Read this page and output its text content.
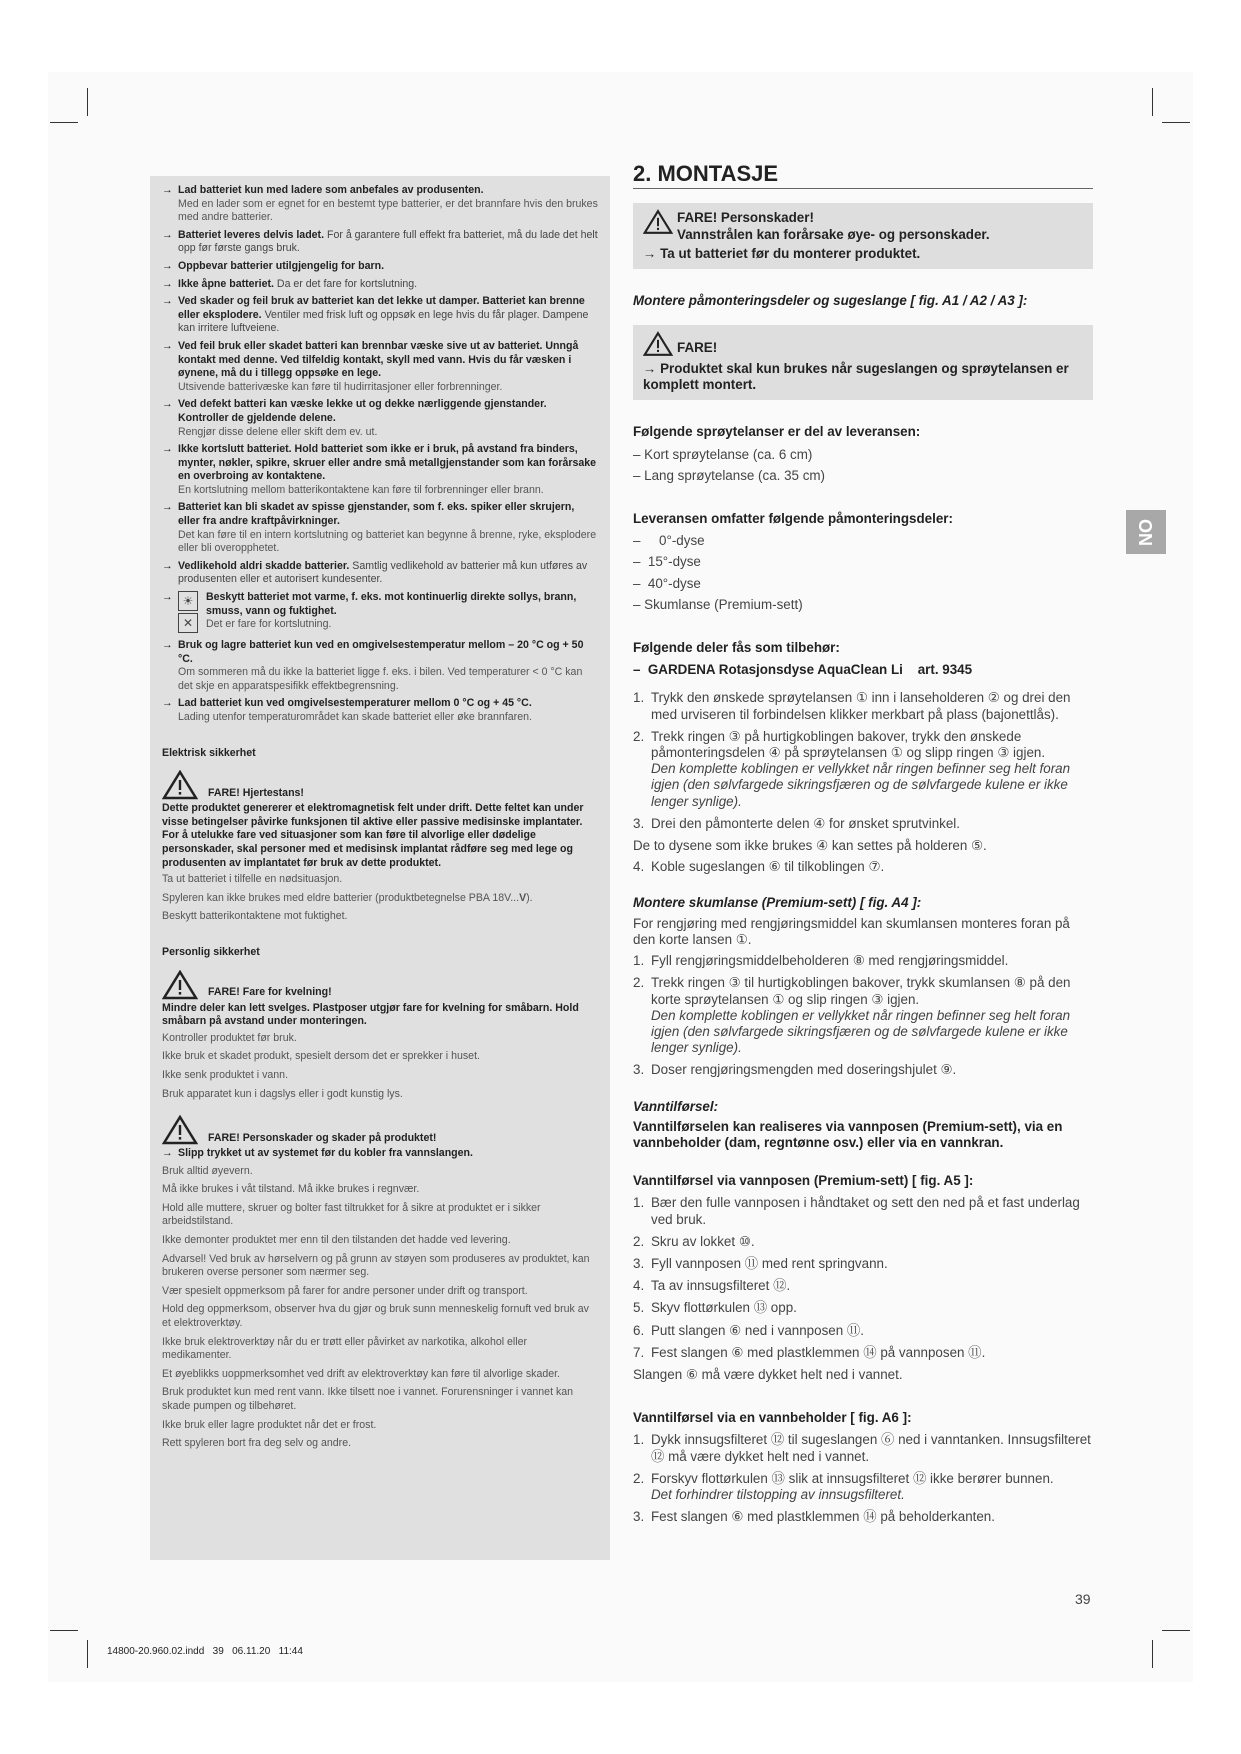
→ Lad batteriet kun med ladere som anbefales av produsenten.
Med en lader som er egnet for en bestemt type batterier, er det brannfare hvis den brukes med andre batterier.
→ Batteriet leveres delvis ladet. For å garantere full effekt fra batteriet, må du lade det helt opp før første gangs bruk.
→ Oppbevar batterier utilgjengelig for barn.
→ Ikke åpne batteriet. Da er det fare for kortslutning.
→ Ved skader og feil bruk av batteriet kan det lekke ut damper. Batteriet kan brenne eller eksplodere. Ventiler med frisk luft og oppsøk en lege hvis du får plager. Dampene kan irritere luftveiene.
→ Ved feil bruk eller skadet batteri kan brennbar væske sive ut av batteriet. Unngå kontakt med denne. Ved tilfeldig kontakt, skyll med vann. Hvis du får væsken i øynene, må du i tillegg oppsøke en lege.
Utsivende batterivæske kan føre til hudirritasjoner eller forbrenninger.
→ Ved defekt batteri kan væske lekke ut og dekke nærliggende gjenstander. Kontroller de gjeldende delene.
Rengjør disse delene eller skift dem ev. ut.
→ Ikke kortslutt batteriet. Hold batteriet som ikke er i bruk, på avstand fra binders, mynter, nøkler, spikre, skruer eller andre små metallgjenstander som kan forårsake en overbroing av kontaktene.
En kortslutning mellom batterikontaktene kan føre til forbrenninger eller brann.
→ Batteriet kan bli skadet av spisse gjenstander, som f. eks. spiker eller skrujern, eller fra andre kraftpåvirkninger.
Det kan føre til en intern kortslutning og batteriet kan begynne å brenne, ryke, eksplodere eller bli overopphetet.
→ Vedlikehold aldri skadde batterier. Samtlig vedlikehold av batterier må kun utføres av produsenten eller et autorisert kundesenter.
→ ☀ ✕
Beskytt batteriet mot varme, f. eks. mot kontinuerlig direkte sollys, brann, smuss, vann og fuktighet.
Det er fare for kortslutning.
→ Bruk og lagre batteriet kun ved en omgivelsestemperatur mellom – 20 °C og + 50 °C.
Om sommeren må du ikke la batteriet ligge f. eks. i bilen. Ved temperaturer < 0 °C kan det skje en apparatspesifikk effektbegrensning.
→ Lad batteriet kun ved omgivelsestemperaturer mellom 0 °C og + 45 °C.
Lading utenfor temperaturområdet kan skade batteriet eller øke brannfaren.
Elektrisk sikkerhet
FARE! Hjertestans!
Dette produktet genererer et elektromagnetisk felt under drift. Dette feltet kan under visse betingelser påvirke funksjonen til aktive eller passive medisinske implantater. For å utelukke fare ved situasjoner som kan føre til alvorlige eller dødelige personskader, skal personer med et medisinsk implantat rådføre seg med lege og produsenten av implantatet før bruk av dette produktet.
Ta ut batteriet i tilfelle en nødsituasjon.
Spyleren kan ikke brukes med eldre batterier (produktbetegnelse PBA 18V...V).
Beskytt batterikontaktene mot fuktighet.
Personlig sikkerhet
FARE! Fare for kvelning!
Mindre deler kan lett svelges. Plastposer utgjør fare for kvelning for småbarn. Hold småbarn på avstand under monteringen.
Kontroller produktet før bruk.
Ikke bruk et skadet produkt, spesielt dersom det er sprekker i huset.
Ikke senk produktet i vann.
Bruk apparatet kun i dagslys eller i godt kunstig lys.
FARE! Personskader og skader på produktet!
→ Slipp trykket ut av systemet før du kobler fra vannslangen.
Bruk alltid øyevern.
Må ikke brukes i våt tilstand. Må ikke brukes i regnvær.
Hold alle muttere, skruer og bolter fast tiltrukket for å sikre at produktet er i sikker arbeidstilstand.
Ikke demonter produktet mer enn til den tilstanden det hadde ved levering.
Advarsel! Ved bruk av hørselvern og på grunn av støyen som produseres av produktet, kan brukeren overse personer som nærmer seg.
Vær spesielt oppmerksom på farer for andre personer under drift og transport.
Hold deg oppmerksom, observer hva du gjør og bruk sunn menneskelig fornuft ved bruk av et elektroverktøy.
Ikke bruk elektroverktøy når du er trøtt eller påvirket av narkotika, alkohol eller medikamenter.
Et øyeblikks uoppmerksomhet ved drift av elektroverktøy kan føre til alvorlige skader.
Bruk produktet kun med rent vann. Ikke tilsett noe i vannet. Forurensninger i vannet kan skade pumpen og tilbehøret.
Ikke bruk eller lagre produktet når det er frost.
Rett spyleren bort fra deg selv og andre.
2. MONTASJE
FARE! Personskader!
Vannstrålen kan forårsake øye- og personskader.
→ Ta ut batteriet før du monterer produktet.
Montere påmonteringsdeler og sugeslange [ fig. A1 / A2 / A3 ]:
FARE!
→ Produktet skal kun brukes når sugeslangen og sprøytelansen er komplett montert.
Følgende sprøytelanser er del av leveransen:
– Kort sprøytelanse (ca. 6 cm)
– Lang sprøytelanse (ca. 35 cm)
Leveransen omfatter følgende påmonteringsdeler:
–     0°-dyse
–  15°-dyse
–  40°-dyse
– Skumlanse (Premium-sett)
Følgende deler fås som tilbehør:
–  GARDENA Rotasjonsdyse AquaClean Li    art. 9345
1. Trykk den ønskede sprøytelansen ① inn i lanseholderen ② og drei den med urviseren til forbindelsen klikker merkbart på plass (bajonettlås).
2. Trekk ringen ③ på hurtigkoblingen bakover, trykk den ønskede påmonteringsdelen ④ på sprøytelansen ① og slipp ringen ③ igjen.
Den komplette koblingen er vellykket når ringen befinner seg helt foran igjen (den sølvfargede sikringsfjæren og de sølvfargede kulene er ikke lenger synlige).
3. Drei den påmonterte delen ④ for ønsket sprutvinkel.
De to dysene som ikke brukes ④ kan settes på holderen ⑤.
4. Koble sugeslangen ⑥ til tilkoblingen ⑦.
Montere skumlanse (Premium-sett) [ fig. A4 ]:
For rengjøring med rengjøringsmiddel kan skumlansen monteres foran på den korte lansen ①.
1. Fyll rengjøringsmiddelbeholderen ⑧ med rengjøringsmiddel.
2. Trekk ringen ③ til hurtigkoblingen bakover, trykk skumlansen ⑧ på den korte sprøytelansen ① og slip ringen ③ igjen.
Den komplette koblingen er vellykket når ringen befinner seg helt foran igjen (den sølvfargede sikringsfjæren og de sølvfargede kulene er ikke lenger synlige).
3. Doser rengjøringsmengden med doseringshjulet ⑨.
Vanntilførsel:
Vanntilførselen kan realiseres via vannposen (Premium-sett), via en vannbeholder (dam, regntønne osv.) eller via en vannkran.
Vanntilførsel via vannposen (Premium-sett) [ fig. A5 ]:
1. Bær den fulle vannposen i håndtaket og sett den ned på et fast underlag ved bruk.
2. Skru av lokket ⑩.
3. Fyll vannposen ⑪ med rent springvann.
4. Ta av innsugsfilteret ⑫.
5. Skyv flottørkulen ⑬ opp.
6. Putt slangen ⑥ ned i vannposen ⑪.
7. Fest slangen ⑥ med plastklemmen ⑭ på vannposen ⑪.
Slangen ⑥ må være dykket helt ned i vannet.
Vanntilførsel via en vannbeholder [ fig. A6 ]:
1. Dykk innsugsfilteret ⑫ til sugeslangen ⑥ ned i vanntanken. Innsugsfilteret ⑫ må være dykket helt ned i vannet.
2. Forskyv flottørkulen ⑬ slik at innsugsfilteret ⑫ ikke berører bunnen.
Det forhindrer tilstopping av innsugsfilteret.
3. Fest slangen ⑥ med plastklemmen ⑭ på beholderkanten.
NO
39
14800-20.960.02.indd   39   06.11.20   11:44
